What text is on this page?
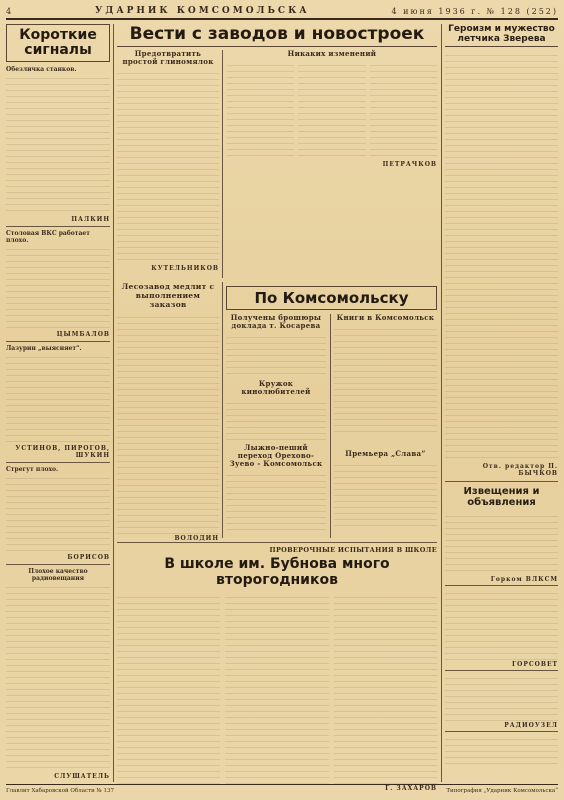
4	УДАРНИК КОМСОМОЛЬСКА	4 июня 1936 г. № 128 (252)
Короткие сигналы
Обезличка станков.
ПАЛКИН
Столовая ВКС работает плохо.
ЦЫМБАЛОВ
Лазурин „выясняет“.
УСТИНОВ, ПИРОГОВ, ШУКИН
Стрегут плохо.
БОРИСОВ
Плохое качество радиовещания
СЛУШАТЕЛЬ
Вести с заводов и новостроек
Предотвратить простой глиномялок
КУТЕЛЬНИКОВ
Никаких изменений
ПЕТРАЧКОВ
Лесозавод медлит с выполнением заказов
ВОЛОДИН
По Комсомольску
Получены брошюры доклада т. Косарева
Книги в Комсомольск
Кружок кинолюбителей
Лыжно-пеший переход Орехово-Зуево - Комсомольск
Премьера „Слава“
ПРОВЕРОЧНЫЕ ИСПЫТАНИЯ В ШКОЛЕ
В школе им. Бубнова много второгодников
Г. ЗАХАРОВ
Героизм и мужество летчика Зверева
Отв. редактор П. БЫЧКОВ
Извещения и объявления
Горком ВЛКСМ
ГОРСОВЕТ
РАДИОУЗЕЛ
Главлит Хабаровской Области № 137	Типография „Ударник Комсомольска“
